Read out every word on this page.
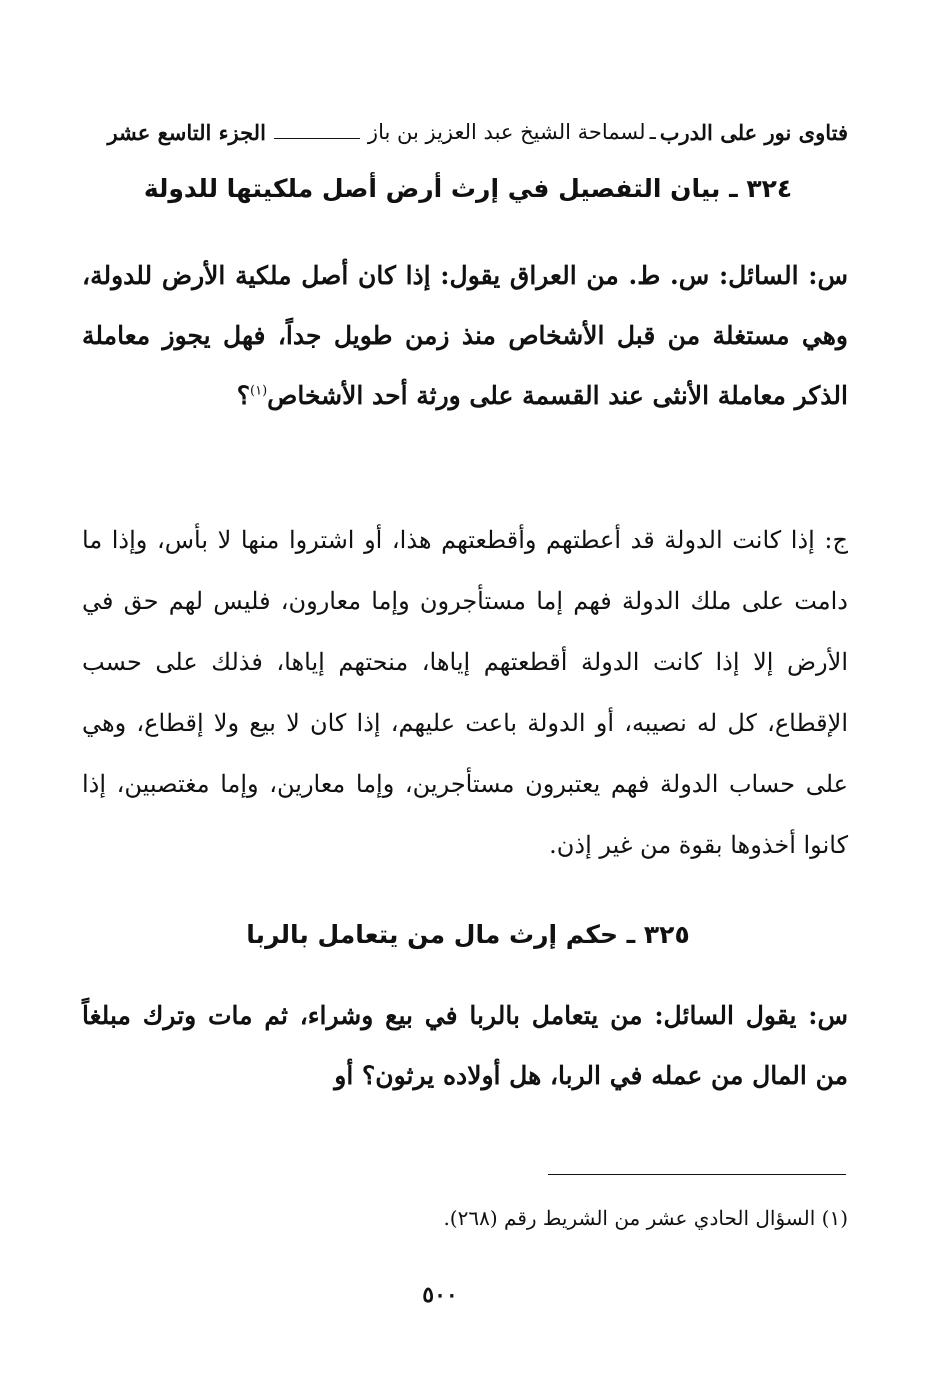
فتاوى نور على الدرب
ـ
لسماحة الشيخ عبد العزيز بن باز
الجزء التاسع عشر
٣٢٤ ـ بيان التفصيل في إرث أرض أصل ملكيتها للدولة
س: السائل: س. ط. من العراق يقول: إذا كان أصل ملكية الأرض للدولة، وهي مستغلة من قبل الأشخاص منذ زمن طويل جداً، فهل يجوز معاملة الذكر معاملة الأنثى عند القسمة على ورثة أحد الأشخاص$^{(١)}$؟
ج: إذا كانت الدولة قد أعطتهم وأقطعتهم هذا، أو اشتروا منها لا بأس، وإذا ما دامت على ملك الدولة فهم إما مستأجرون وإما معارون، فليس لهم حق في الأرض إلا إذا كانت الدولة أقطعتهم إياها، منحتهم إياها، فذلك على حسب الإقطاع، كل له نصيبه، أو الدولة باعت عليهم، إذا كان لا بيع ولا إقطاع، وهي على حساب الدولة فهم يعتبرون مستأجرين، وإما معارين، وإما مغتصبين، إذا كانوا أخذوها بقوة من غير إذن.
٣٢٥ ـ حكم إرث مال من يتعامل بالربا
س: يقول السائل: من يتعامل بالربا في بيع وشراء، ثم مات وترك مبلغاً من المال من عمله في الربا، هل أولاده يرثون؟ أو
(١) السؤال الحادي عشر من الشريط رقم (٢٦٨).
٥٠٠
